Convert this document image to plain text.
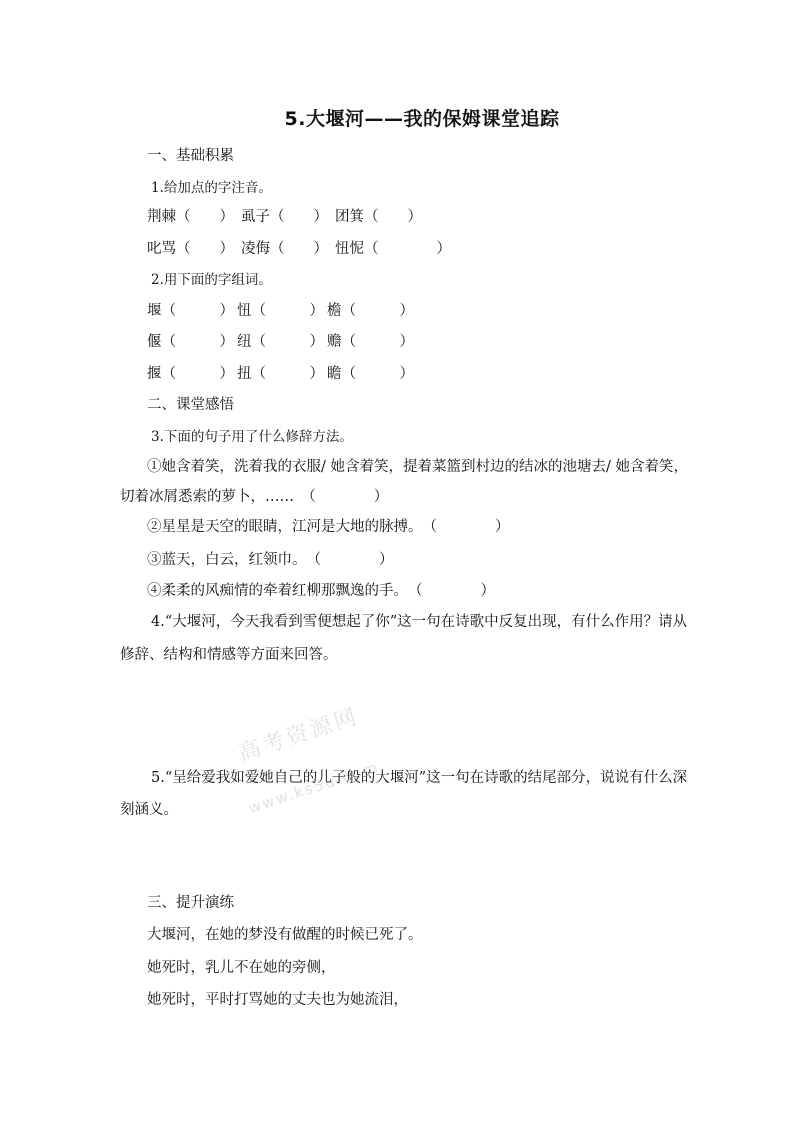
5.大堰河——我的保姆课堂追踪
一、基础积累
1.给加点的字注音。
荆棘（　　） 虱子（　　） 团箕（　　）
叱骂（　　） 凌侮（　　） 忸怩（　　　　）
2.用下面的字组词。
堰（　　　） 忸（　　　） 檐（　　　）
偃（　　　） 纽（　　　） 赡（　　　）
揠（　　　） 扭（　　　） 瞻（　　　）
二、课堂感悟
3.下面的句子用了什么修辞方法。
①她含着笑，洗着我的衣服/ 她含着笑，提着菜篮到村边的结冰的池塘去/ 她含着笑，
切着冰屑悉索的萝卜，……　（　　　　）
②星星是天空的眼睛，江河是大地的脉搏。　（　　　　）
③蓝天，白云，红领巾。　（　　　　）
④柔柔的风痴情的牵着红柳那飘逸的手。　（　　　　）
4.“大堰河，今天我看到雪便想起了你”这一句在诗歌中反复出现，有什么作用？请从
修辞、结构和情感等方面来回答。
5.“呈给爱我如爱她自己的儿子般的大堰河”这一句在诗歌的结尾部分，说说有什么深
刻涵义。
三、提升演练
大堰河，在她的梦没有做醒的时候已死了。
她死时，乳儿不在她的旁侧，
她死时，平时打骂她的丈夫也为她流泪，
高考资源网
www.ks5u.com
